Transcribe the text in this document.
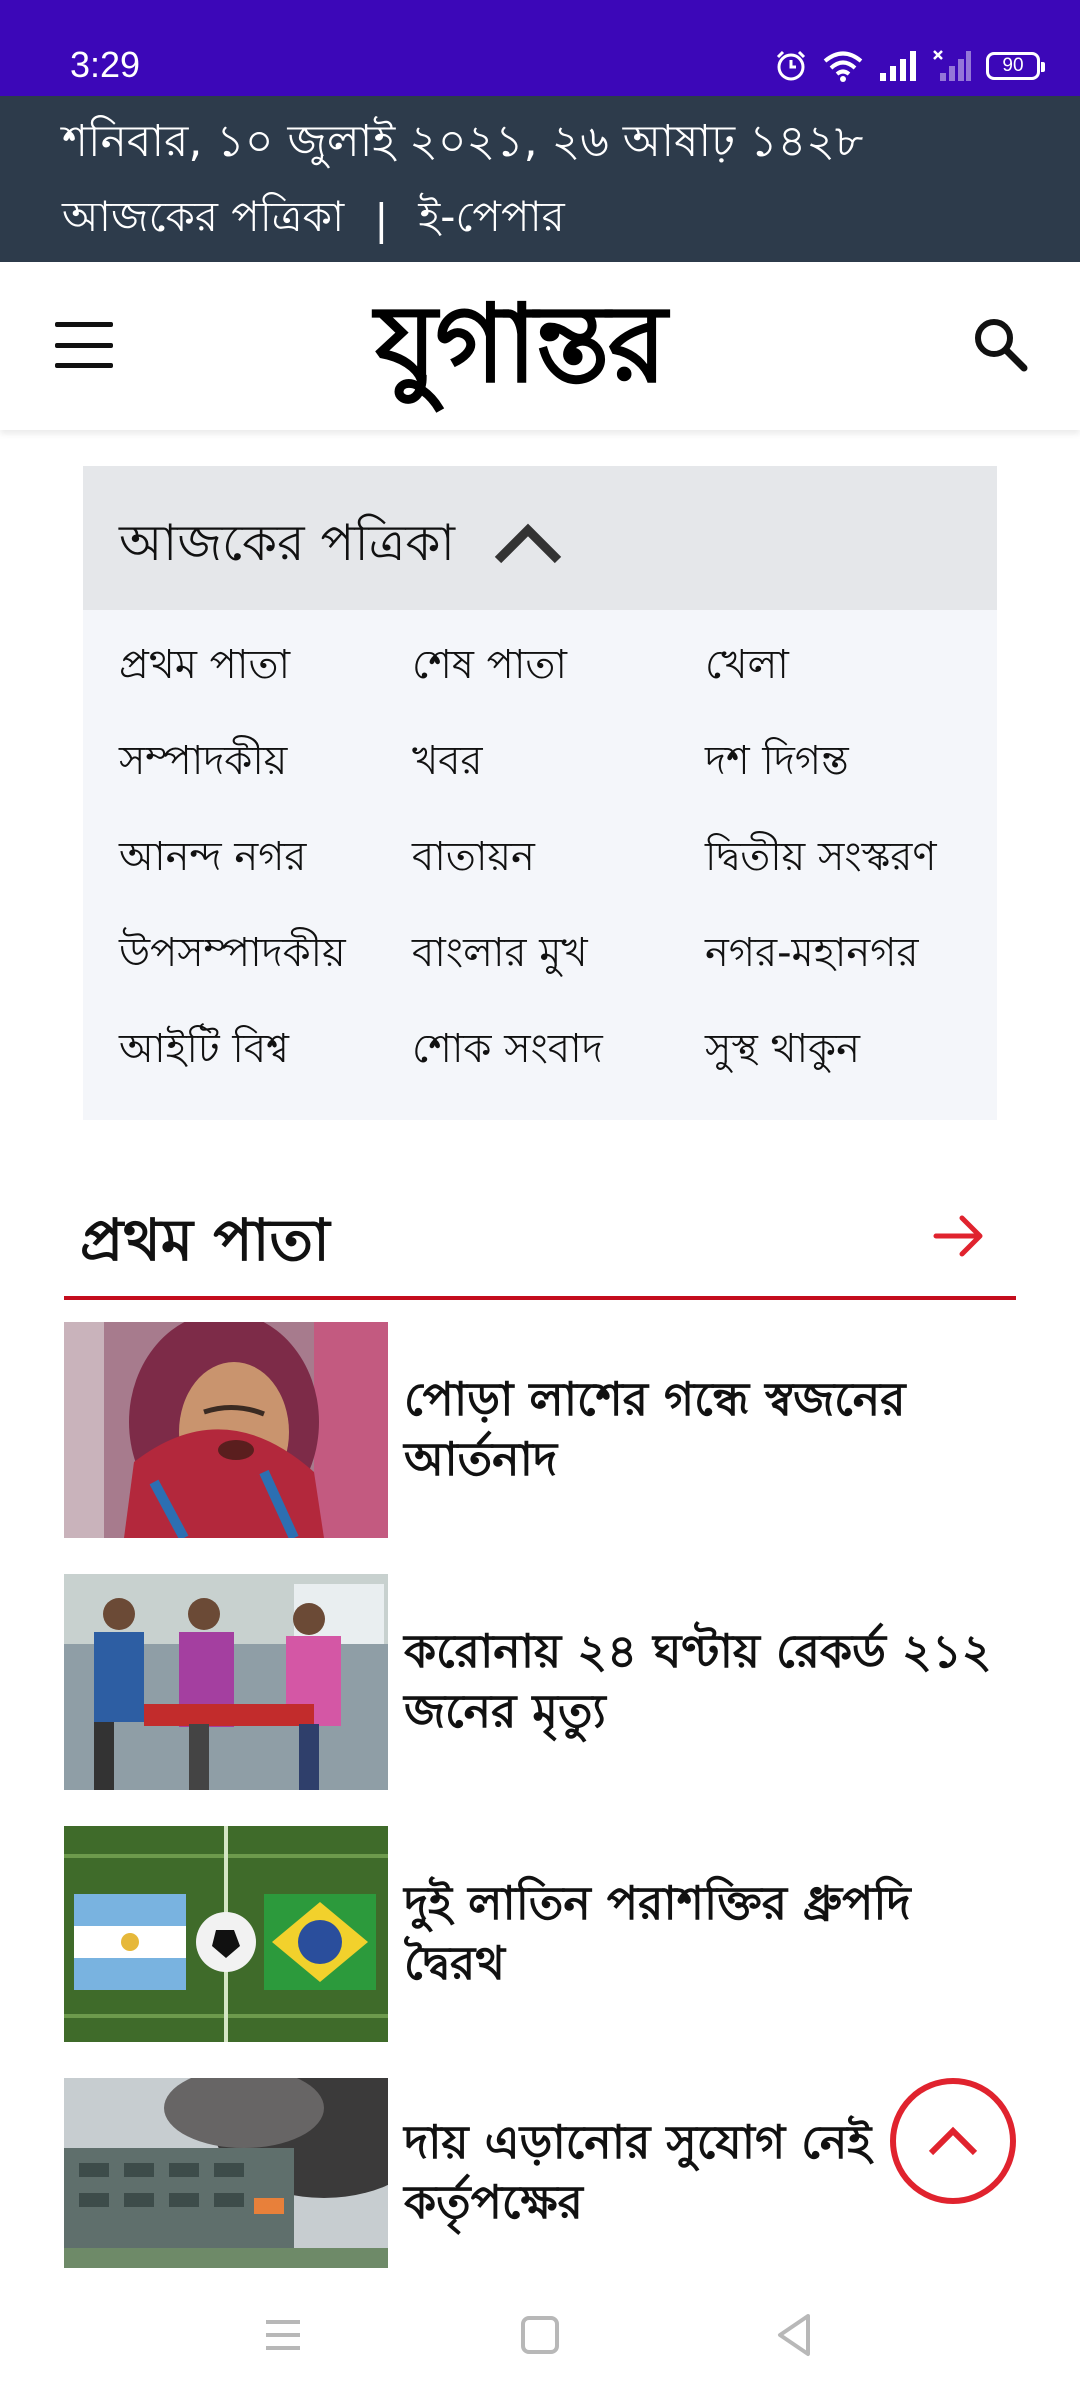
3:29	90
শনিবার, ১০ জুলাই ২০২১, ২৬ আষাঢ় ১৪২৮
আজকের পত্রিকা | ই-পেপার
যুগান্তর
আজকের পত্রিকা
প্রথম পাতা	শেষ পাতা	খেলা
সম্পাদকীয়	খবর	দশ দিগন্ত
আনন্দ নগর	বাতায়ন	দ্বিতীয় সংস্করণ
উপসম্পাদকীয়	বাংলার মুখ	নগর-মহানগর
আইটি বিশ্ব	শোক সংবাদ	সুস্থ থাকুন
প্রথম পাতা
পোড়া লাশের গন্ধে স্বজনের আর্তনাদ
করোনায় ২৪ ঘণ্টায় রেকর্ড ২১২ জনের মৃত্যু
দুই লাতিন পরাশক্তির ধ্রুপদি দ্বৈরথ
দায় এড়ানোর সুযোগ নেই কর্তৃপক্ষের
